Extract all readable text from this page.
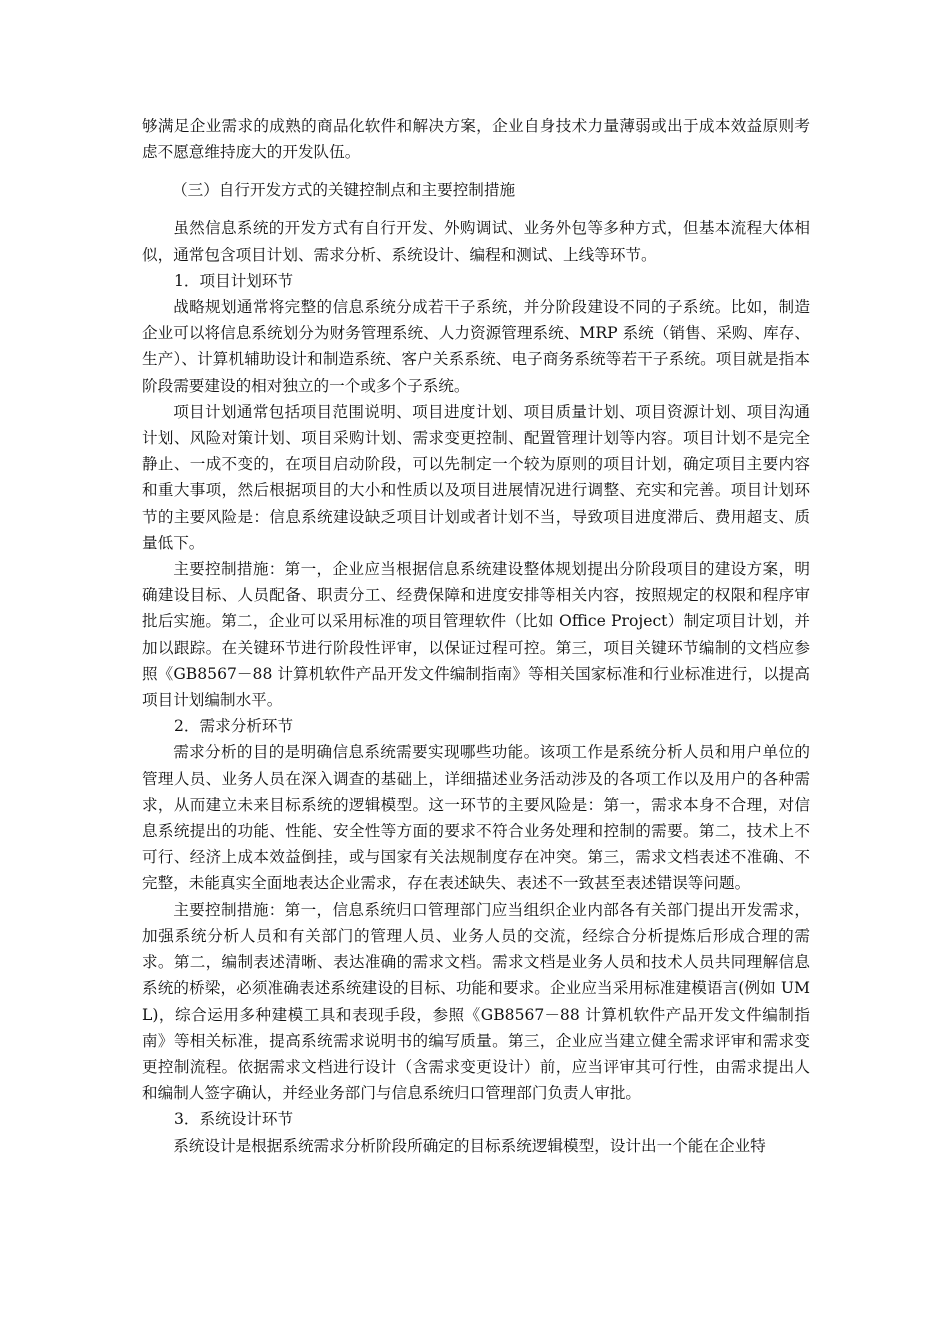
够满足企业需求的成熟的商品化软件和解决方案，企业自身技术力量薄弱或出于成本效益原则考虑不愿意维持庞大的开发队伍。

（三）自行开发方式的关键控制点和主要控制措施

虽然信息系统的开发方式有自行开发、外购调试、业务外包等多种方式，但基本流程大体相似，通常包含项目计划、需求分析、系统设计、编程和测试、上线等环节。

1．项目计划环节

战略规划通常将完整的信息系统分成若干子系统，并分阶段建设不同的子系统。比如，制造企业可以将信息系统划分为财务管理系统、人力资源管理系统、MRP 系统（销售、采购、库存、生产）、计算机辅助设计和制造系统、客户关系系统、电子商务系统等若干子系统。项目就是指本阶段需要建设的相对独立的一个或多个子系统。

项目计划通常包括项目范围说明、项目进度计划、项目质量计划、项目资源计划、项目沟通计划、风险对策计划、项目采购计划、需求变更控制、配置管理计划等内容。项目计划不是完全静止、一成不变的，在项目启动阶段，可以先制定一个较为原则的项目计划，确定项目主要内容和重大事项，然后根据项目的大小和性质以及项目进展情况进行调整、充实和完善。项目计划环节的主要风险是：信息系统建设缺乏项目计划或者计划不当，导致项目进度滞后、费用超支、质量低下。

主要控制措施：第一，企业应当根据信息系统建设整体规划提出分阶段项目的建设方案，明确建设目标、人员配备、职责分工、经费保障和进度安排等相关内容，按照规定的权限和程序审批后实施。第二，企业可以采用标准的项目管理软件（比如 Office Project）制定项目计划，并加以跟踪。在关键环节进行阶段性评审，以保证过程可控。第三，项目关键环节编制的文档应参照《GB8567－88 计算机软件产品开发文件编制指南》等相关国家标准和行业标准进行，以提高项目计划编制水平。

2．需求分析环节

需求分析的目的是明确信息系统需要实现哪些功能。该项工作是系统分析人员和用户单位的管理人员、业务人员在深入调查的基础上，详细描述业务活动涉及的各项工作以及用户的各种需求，从而建立未来目标系统的逻辑模型。这一环节的主要风险是：第一，需求本身不合理，对信息系统提出的功能、性能、安全性等方面的要求不符合业务处理和控制的需要。第二，技术上不可行、经济上成本效益倒挂，或与国家有关法规制度存在冲突。第三，需求文档表述不准确、不完整，未能真实全面地表达企业需求，存在表述缺失、表述不一致甚至表述错误等问题。

主要控制措施：第一，信息系统归口管理部门应当组织企业内部各有关部门提出开发需求，加强系统分析人员和有关部门的管理人员、业务人员的交流，经综合分析提炼后形成合理的需求。第二，编制表述清晰、表达准确的需求文档。需求文档是业务人员和技术人员共同理解信息系统的桥梁，必须准确表述系统建设的目标、功能和要求。企业应当采用标准建模语言(例如 UML)，综合运用多种建模工具和表现手段，参照《GB8567－88 计算机软件产品开发文件编制指南》等相关标准，提高系统需求说明书的编写质量。第三，企业应当建立健全需求评审和需求变更控制流程。依据需求文档进行设计（含需求变更设计）前，应当评审其可行性，由需求提出人和编制人签字确认，并经业务部门与信息系统归口管理部门负责人审批。

3．系统设计环节

系统设计是根据系统需求分析阶段所确定的目标系统逻辑模型，设计出一个能在企业特
